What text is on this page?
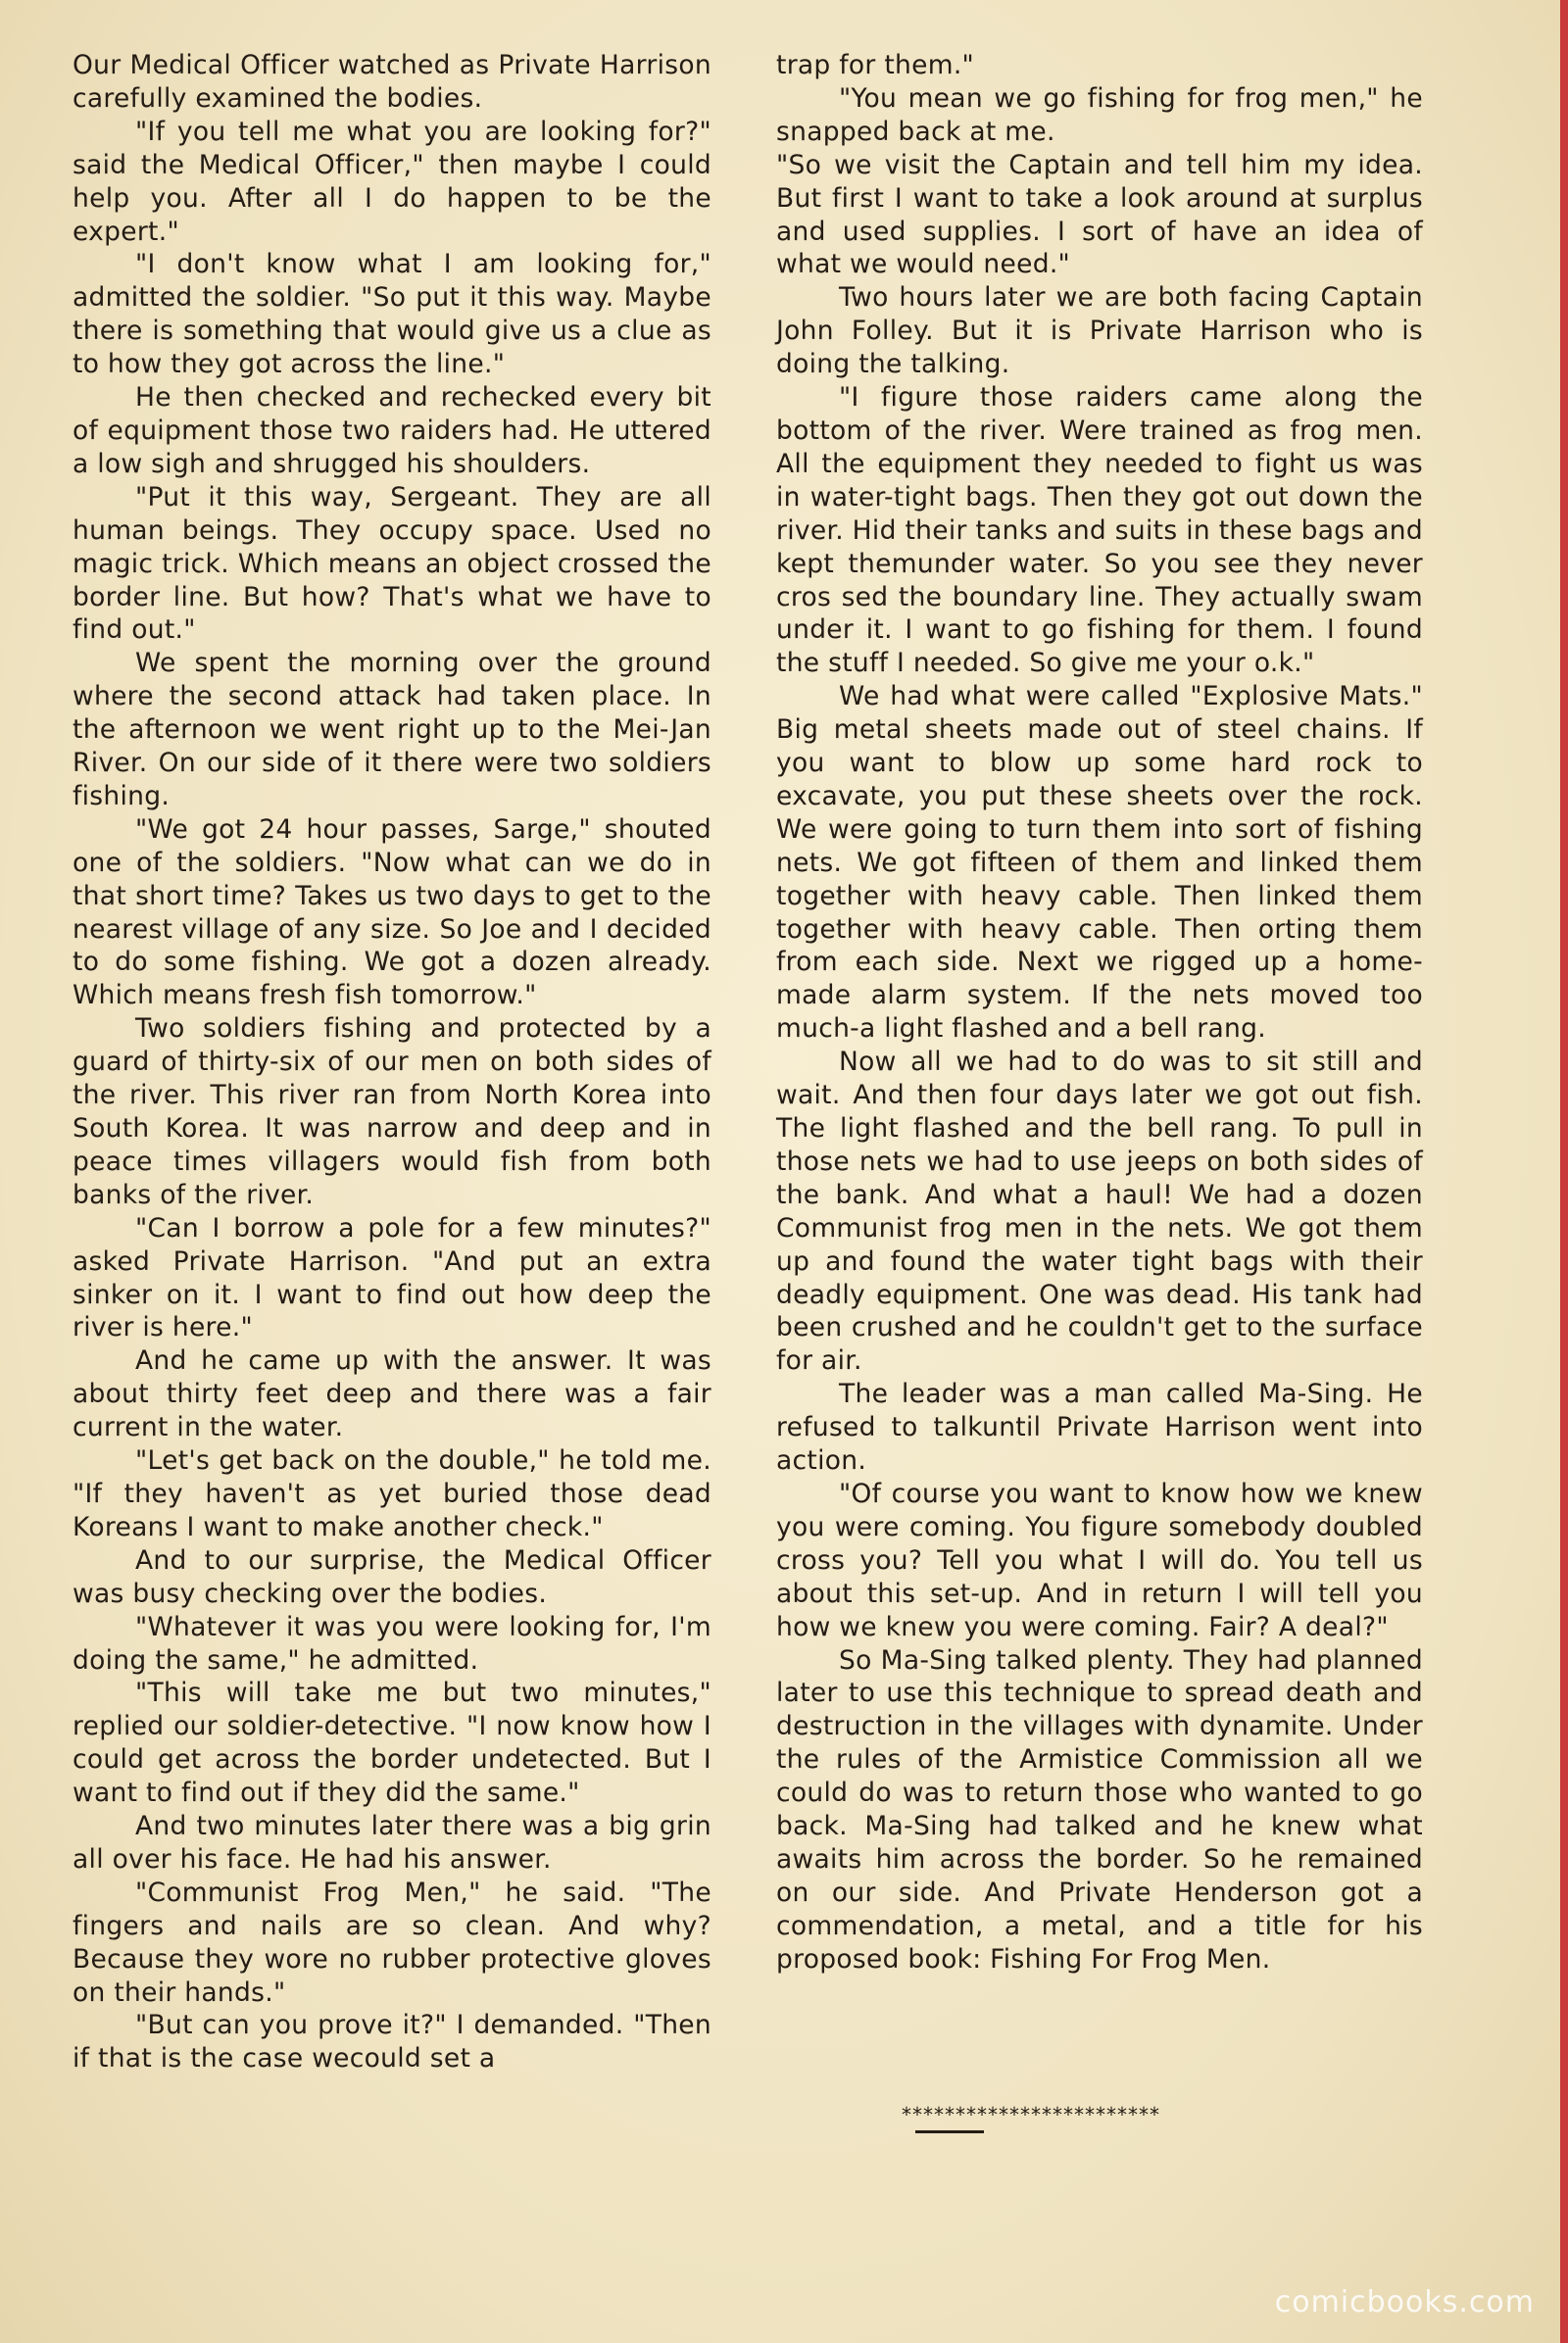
Our Medical Officer watched as Private Harrison carefully examined the bodies.

"If you tell me what you are looking for?" said the Medical Officer," then maybe I could help you. After all I do happen to be the expert."

"I don't know what I am looking for," admitted the soldier. "So put it this way. Maybe there is something that would give us a clue as to how they got across the line."

He then checked and rechecked every bit of equipment those two raiders had. He uttered a low sigh and shrugged his shoulders.

"Put it this way, Sergeant. They are all human beings. They occupy space. Used no magic trick. Which means an object crossed the border line. But how? That's what we have to find out."

We spent the morning over the ground where the second attack had taken place. In the afternoon we went right up to the Mei-Jan River. On our side of it there were two soldiers fishing.

"We got 24 hour passes, Sarge," shouted one of the soldiers. "Now what can we do in that short time? Takes us two days to get to the nearest village of any size. So Joe and I decided to do some fishing. We got a dozen already. Which means fresh fish tomorrow."

Two soldiers fishing and protected by a guard of thirty-six of our men on both sides of the river. This river ran from North Korea into South Korea. It was narrow and deep and in peace times villagers would fish from both banks of the river.

"Can I borrow a pole for a few minutes?" asked Private Harrison. "And put an extra sinker on it. I want to find out how deep the river is here."

And he came up with the answer. It was about thirty feet deep and there was a fair current in the water.

"Let's get back on the double," he told me. "If they haven't as yet buried those dead Koreans I want to make another check."

And to our surprise, the Medical Officer was busy checking over the bodies.

"Whatever it was you were looking for, I'm doing the same," he admitted.

"This will take me but two minutes," replied our soldier-detective. "I now know how I could get across the border undetected. But I want to find out if they did the same."

And two minutes later there was a big grin all over his face. He had his answer.

"Communist Frog Men," he said. "The fingers and nails are so clean. And why? Because they wore no rubber protective gloves on their hands."

"But can you prove it?" I demanded. "Then if that is the case wecould set a

trap for them."

"You mean we go fishing for frog men," he snapped back at me.

"So we visit the Captain and tell him my idea. But first I want to take a look around at surplus and used supplies. I sort of have an idea of what we would need."

Two hours later we are both facing Captain John Folley. But it is Private Harrison who is doing the talking.

"I figure those raiders came along the bottom of the river. Were trained as frog men. All the equipment they needed to fight us was in water-tight bags. Then they got out down the river. Hid their tanks and suits in these bags and kept themunder water. So you see they never cros sed the boundary line. They actually swam under it. I want to go fishing for them. I found the stuff I needed. So give me your o.k."

We had what were called "Explosive Mats." Big metal sheets made out of steel chains. If you want to blow up some hard rock to excavate, you put these sheets over the rock. We were going to turn them into sort of fishing nets. We got fifteen of them and linked them together with heavy cable. Then linked them together with heavy cable. Then orting them from each side. Next we rigged up a home-made alarm system. If the nets moved too much-a light flashed and a bell rang.

Now all we had to do was to sit still and wait. And then four days later we got out fish. The light flashed and the bell rang. To pull in those nets we had to use jeeps on both sides of the bank. And what a haul! We had a dozen Communist frog men in the nets. We got them up and found the water tight bags with their deadly equipment. One was dead. His tank had been crushed and he couldn't get to the surface for air.

The leader was a man called Ma-Sing. He refused to talkuntil Private Harrison went into action.

"Of course you want to know how we knew you were coming. You figure somebody doubled cross you? Tell you what I will do. You tell us about this set-up. And in return I will tell you how we knew you were coming. Fair? A deal?"

So Ma-Sing talked plenty. They had planned later to use this technique to spread death and destruction in the villages with dynamite. Under the rules of the Armistice Commission all we could do was to return those who wanted to go back. Ma-Sing had talked and he knew what awaits him across the border. So he remained on our side. And Private Henderson got a commendation, a metal, and a title for his proposed book: Fishing For Frog Men.

************************
comicbooks.com
